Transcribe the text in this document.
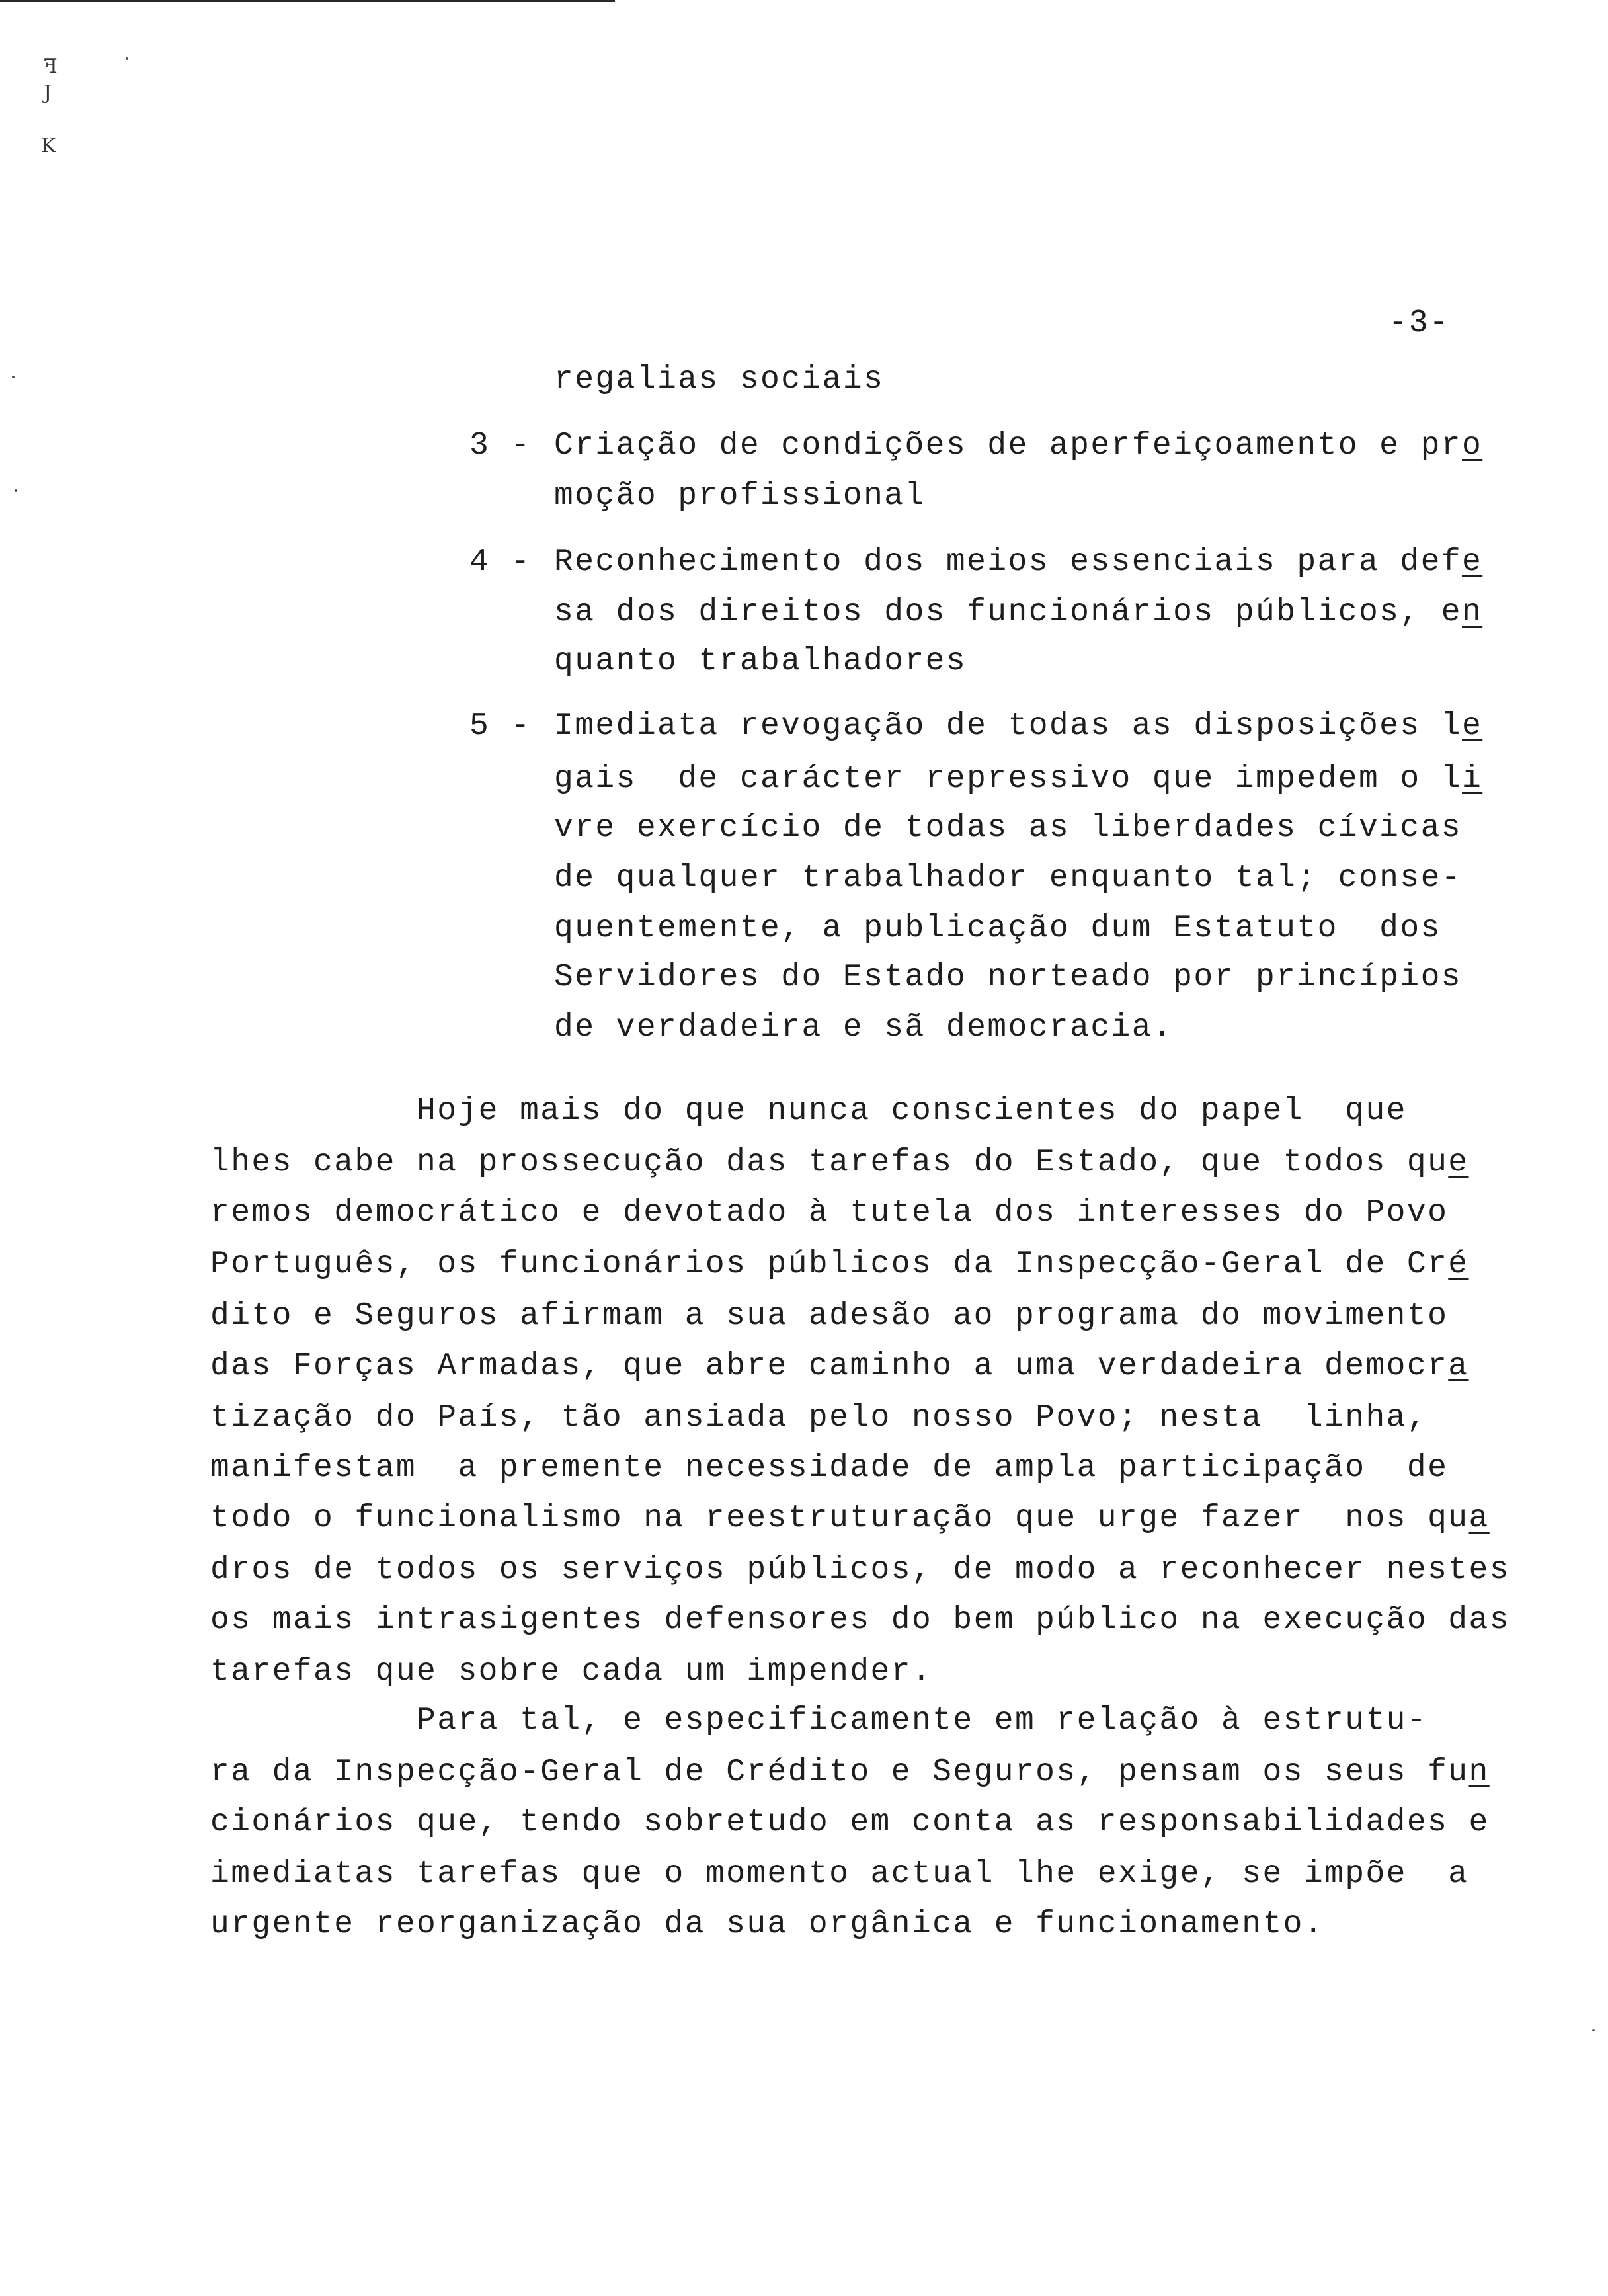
ꟻ
J
K
-3-
regalias sociais
3 - Criação de condições de aperfeiçoamento e pro
moção profissional
4 - Reconhecimento dos meios essenciais para defe
sa dos direitos dos funcionários públicos, en
quanto trabalhadores
5 - Imediata revogação de todas as disposições le
gais  de carácter repressivo que impedem o li
vre exercício de todas as liberdades cívicas
de qualquer trabalhador enquanto tal; conse-
quentemente, a publicação dum Estatuto  dos
Servidores do Estado norteado por princípios
de verdadeira e sã democracia.
Hoje mais do que nunca conscientes do papel  que
lhes cabe na prossecução das tarefas do Estado, que todos que
remos democrático e devotado à tutela dos interesses do Povo
Português, os funcionários públicos da Inspecção-Geral de Cré
dito e Seguros afirmam a sua adesão ao programa do movimento
das Forças Armadas, que abre caminho a uma verdadeira democra
tização do País, tão ansiada pelo nosso Povo; nesta  linha,
manifestam  a premente necessidade de ampla participação  de
todo o funcionalismo na reestruturação que urge fazer  nos qua
dros de todos os serviços públicos, de modo a reconhecer nestes
os mais intrasigentes defensores do bem público na execução das
tarefas que sobre cada um impender.
Para tal, e especificamente em relação à estrutu-
ra da Inspecção-Geral de Crédito e Seguros, pensam os seus fun
cionários que, tendo sobretudo em conta as responsabilidades e
imediatas tarefas que o momento actual lhe exige, se impõe  a
urgente reorganização da sua orgânica e funcionamento.
